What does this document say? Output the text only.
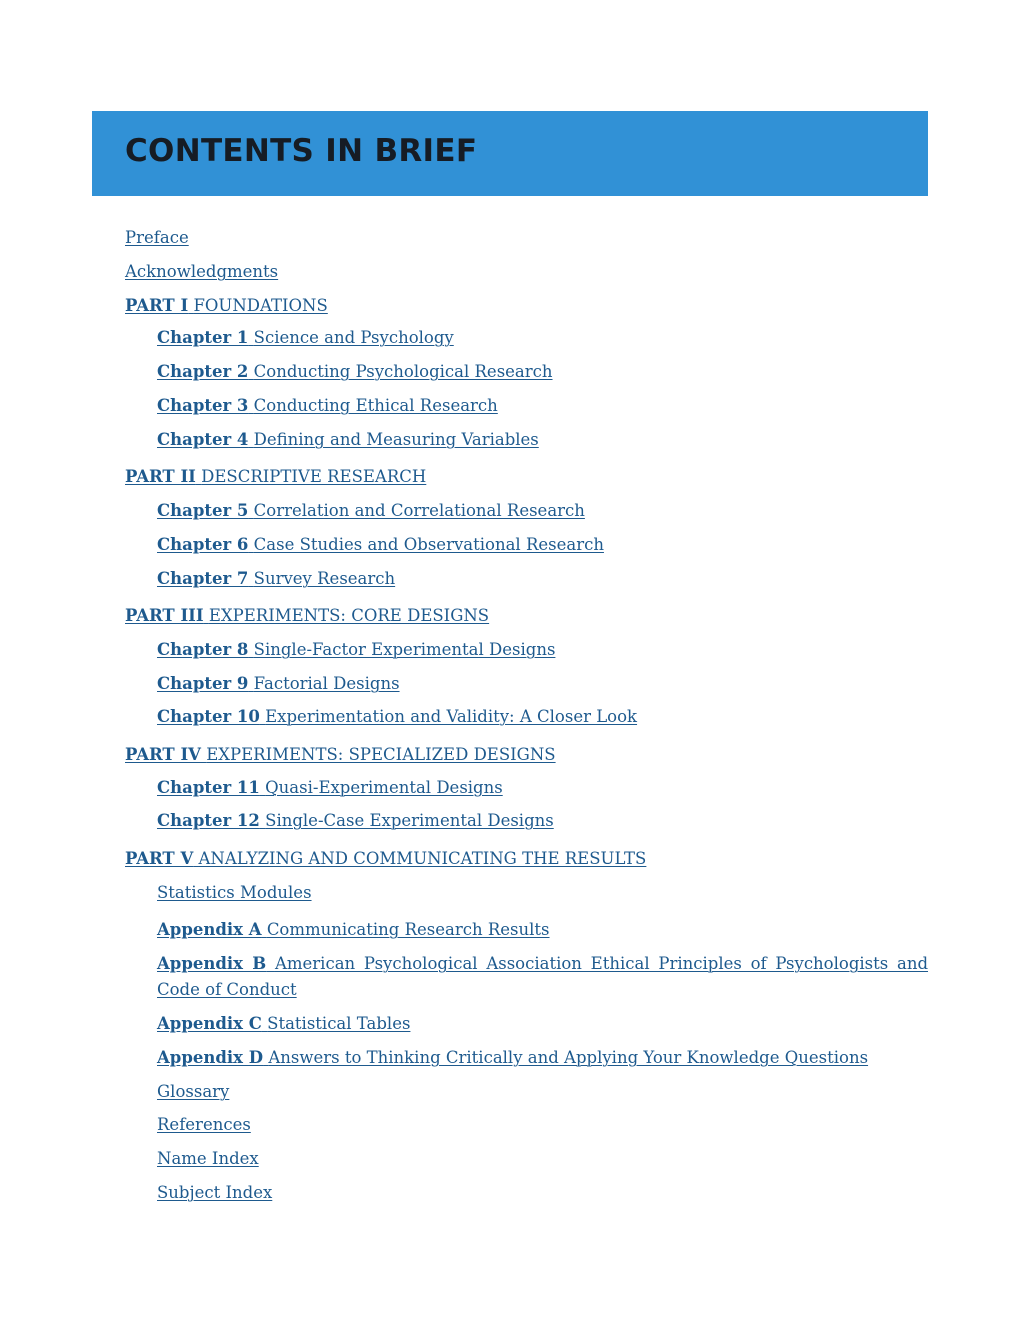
CONTENTS IN BRIEF
Preface
Acknowledgments
PART I FOUNDATIONS
Chapter 1 Science and Psychology
Chapter 2 Conducting Psychological Research
Chapter 3 Conducting Ethical Research
Chapter 4 Defining and Measuring Variables
PART II DESCRIPTIVE RESEARCH
Chapter 5 Correlation and Correlational Research
Chapter 6 Case Studies and Observational Research
Chapter 7 Survey Research
PART III EXPERIMENTS: CORE DESIGNS
Chapter 8 Single-Factor Experimental Designs
Chapter 9 Factorial Designs
Chapter 10 Experimentation and Validity: A Closer Look
PART IV EXPERIMENTS: SPECIALIZED DESIGNS
Chapter 11 Quasi-Experimental Designs
Chapter 12 Single-Case Experimental Designs
PART V ANALYZING AND COMMUNICATING THE RESULTS
Statistics Modules
Appendix A Communicating Research Results
Appendix B American Psychological Association Ethical Principles of Psychologists and Code of Conduct
Appendix C Statistical Tables
Appendix D Answers to Thinking Critically and Applying Your Knowledge Questions
Glossary
References
Name Index
Subject Index
